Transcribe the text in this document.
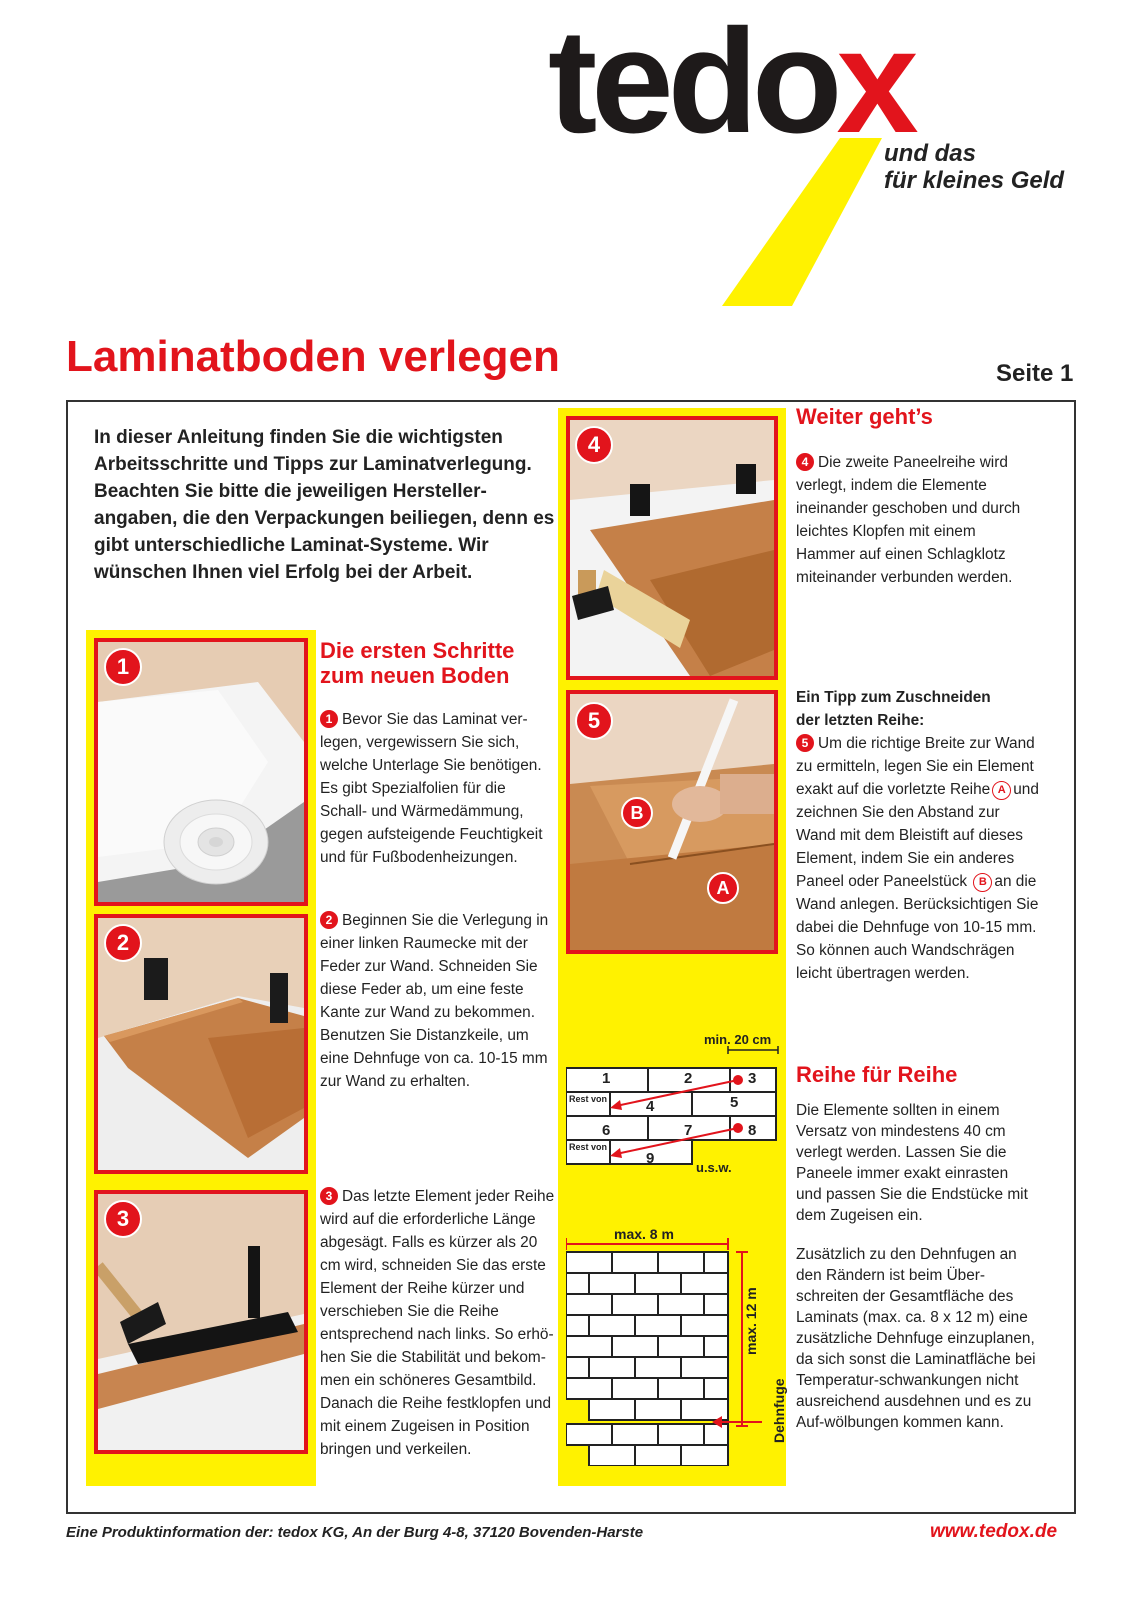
tedox
und das
für kleines Geld
Laminatboden verlegen	Seite 1
In dieser Anleitung finden Sie die wichtigsten Arbeitsschritte und Tipps zur Laminatverlegung. Beachten Sie bitte die jeweiligen Hersteller-angaben, die den Verpackungen beiliegen, denn es gibt unterschiedliche Laminat-Systeme. Wir wünschen Ihnen viel Erfolg bei der Arbeit.
1
2
3
4
5
B
A
min. 20 cm
1	2	3
4	5
6	7	8
9
Rest von
Rest von
u.s.w.
max. 8 m
max. 12 m
Dehnfuge
Die ersten Schritte
zum neuen Boden
1 Bevor Sie das Laminat ver-legen, vergewissern Sie sich, welche Unterlage Sie benötigen. Es gibt Spezialfolien für die Schall- und Wärmedämmung, gegen aufsteigende Feuchtigkeit und für Fußbodenheizungen.
2 Beginnen Sie die Verlegung in einer linken Raumecke mit der Feder zur Wand. Schneiden Sie diese Feder ab, um eine feste Kante zur Wand zu bekommen. Benutzen Sie Distanzkeile, um eine Dehnfuge von ca. 10-15 mm zur Wand zu erhalten.
3 Das letzte Element jeder Reihe wird auf die erforderliche Länge abgesägt. Falls es kürzer als 20 cm wird, schneiden Sie das erste Element der Reihe kürzer und verschieben Sie die Reihe entsprechend nach links. So erhö-hen Sie die Stabilität und bekom-men ein schöneres Gesamtbild. Danach die Reihe festklopfen und mit einem Zugeisen in Position bringen und verkeilen.
Weiter geht’s
4 Die zweite Paneelreihe wird verlegt, indem die Elemente ineinander geschoben und durch leichtes Klopfen mit einem Hammer auf einen Schlagklotz miteinander verbunden werden.
Ein Tipp zum Zuschneiden
der letzten Reihe:
5 Um die richtige Breite zur Wand zu ermitteln, legen Sie ein Element exakt auf die vorletzte Reihe A und zeichnen Sie den Abstand zur Wand mit dem Bleistift auf dieses Element, indem Sie ein anderes Paneel oder Paneelstück B an die Wand anlegen. Berücksichtigen Sie dabei die Dehnfuge von 10-15 mm. So können auch Wandschrägen leicht übertragen werden.
Reihe für Reihe
Die Elemente sollten in einem Versatz von mindestens 40 cm verlegt werden. Lassen Sie die Paneele immer exakt einrasten und passen Sie die Endstücke mit dem Zugeisen ein.
Zusätzlich zu den Dehnfugen an den Rändern ist beim Über-schreiten der Gesamtfläche des Laminats (max. ca. 8 x 12 m) eine zusätzliche Dehnfuge einzuplanen, da sich sonst die Laminatfläche bei Temperatur-schwankungen nicht ausreichend ausdehnen und es zu Auf-wölbungen kommen kann.
Eine Produktinformation der: tedox KG, An der Burg 4-8, 37120 Bovenden-Harste	www.tedox.de
